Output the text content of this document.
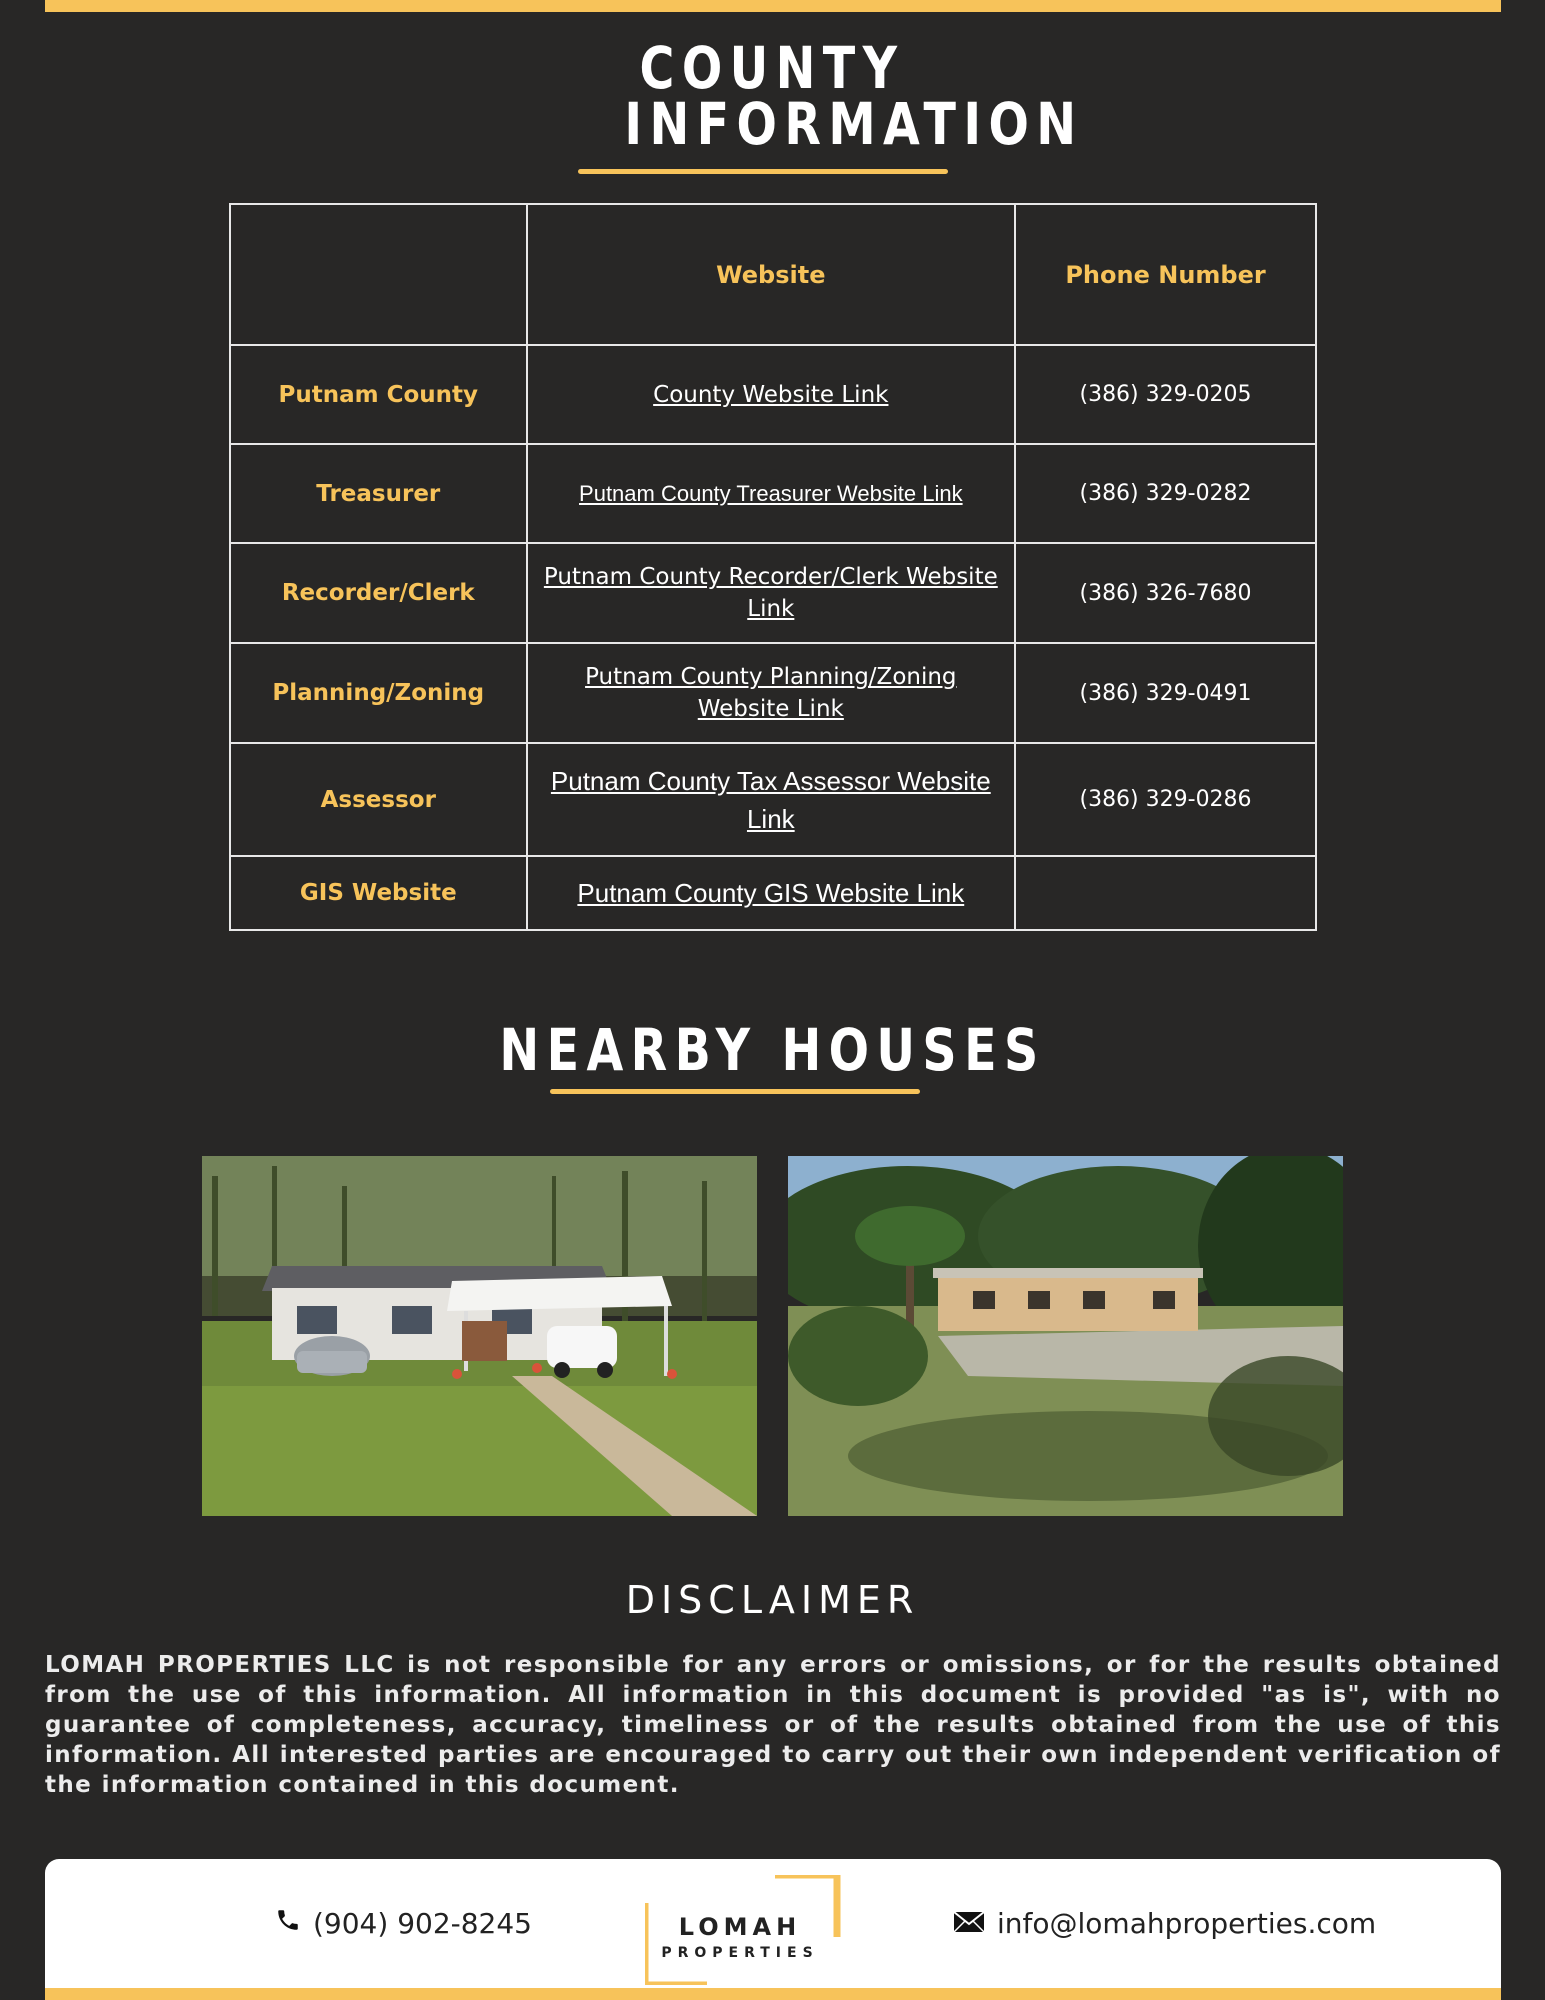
COUNTY INFORMATION
	Website	Phone Number
Putnam County	County Website Link	(386) 329-0205
Treasurer	Putnam County Treasurer Website Link	(386) 329-0282
Recorder/Clerk	Putnam County Recorder/Clerk Website Link	(386) 326-7680
Planning/Zoning	Putnam County Planning/Zoning Website Link	(386) 329-0491
Assessor	Putnam County Tax Assessor Website Link	(386) 329-0286
GIS Website	Putnam County GIS Website Link	
NEARBY HOUSES
DISCLAIMER
LOMAH PROPERTIES LLC is not responsible for any errors or omissions, or for the results obtained from the use of this information. All information in this document is provided "as is", with no guarantee of completeness, accuracy, timeliness or of the results obtained from the use of this information. All interested parties are encouraged to carry out their own independent verification of the information contained in this document.
(904) 902-8245	LOMAH
PROPERTIES
info@lomahproperties.com
